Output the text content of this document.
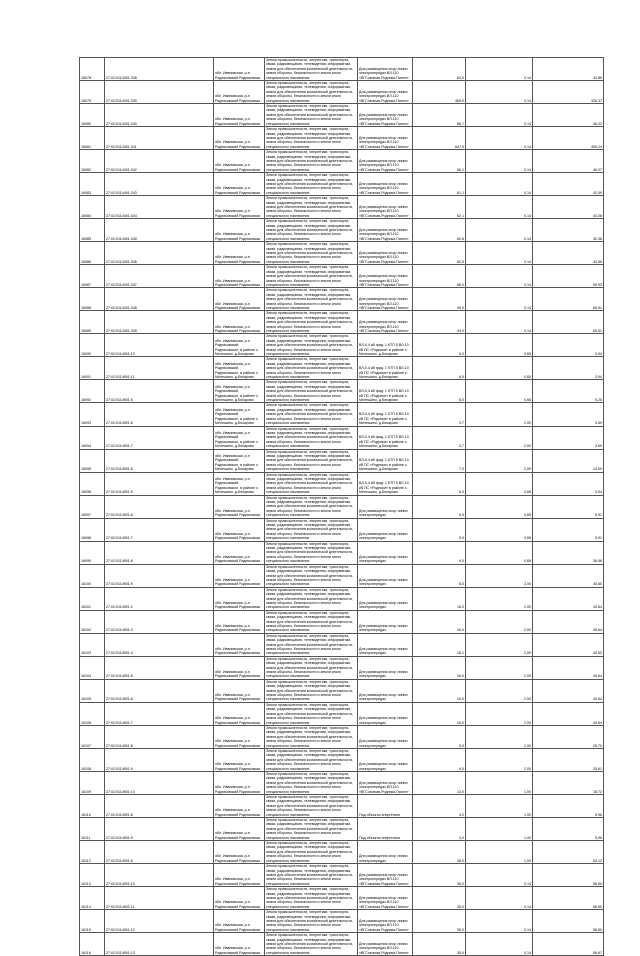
16078	27:02:0114401:338	обл. Ивановская, р-н Родниковский Родниковски	Земли промышленности, энергетики, транспорта, связи, радиовещания, телевидения, информатики, земли для обеспечения космической деятельности, земли обороны, безопасности и земли иного специального назначения	Для размещения опор линии электропередач ВЛ-110 «ВГСоюзная-Родники-Палех»	63,0	0,14	43,85
16079	27:02:0114401:339	обл. Ивановская, р-н Родниковский Родниковски	Земли промышленности, энергетики, транспорта, связи, радиовещания, телевидения, информатики, земли для обеспечения космической деятельности, земли обороны, безопасности и земли иного специального назначения	Для размещения опор линии электропередач ВЛ-110 «ВГСоюзная-Родники-Палех»	469,0	0,14	326,37
16080	27:02:0114401:340	обл. Ивановская, р-н Родниковский Родниковски	Земли промышленности, энергетики, транспорта, связи, радиовещания, телевидения, информатики, земли для обеспечения космической деятельности, земли обороны, безопасности и земли иного специального назначения	Для размещения опор линии электропередач ВЛ-110 «ВГСоюзная-Родники-Палех»	66,7	0,14	46,42
16081	27:02:0114401:341	обл. Ивановская, р-н Родниковский Родниковски	Земли промышленности, энергетики, транспорта, связи, радиовещания, телевидения, информатики, земли для обеспечения космической деятельности, земли обороны, безопасности и земли иного специального назначения	Для размещения опор линии электропередач ВЛ-110 «ВГСоюзная-Родники-Палех»	647,0	0,14	450,24
16082	27:02:0114401:342	обл. Ивановская, р-н Родниковский Родниковски	Земли промышленности, энергетики, транспорта, связи, радиовещания, телевидения, информатики, земли для обеспечения космической деятельности, земли обороны, безопасности и земли иного специального назначения	Для размещения опор линии электропередач ВЛ-110 «ВГСоюзная-Родники-Палех»	66,1	0,14	46,07
16083	27:02:0114401:343	обл. Ивановская, р-н Родниковский Родниковски	Земли промышленности, энергетики, транспорта, связи, радиовещания, телевидения, информатики, земли для обеспечения космической деятельности, земли обороны, безопасности и земли иного специального назначения	Для размещения опор линии электропередач ВЛ-110 «ВГСоюзная-Родники-Палех»	61,1	0,14	42,59
16084	27:02:0114401:344	обл. Ивановская, р-н Родниковский Родниковски	Земли промышленности, энергетики, транспорта, связи, радиовещания, телевидения, информатики, земли для обеспечения космической деятельности, земли обороны, безопасности и земли иного специального назначения	Для размещения опор линии электропередач ВЛ-110 «ВГСоюзная-Родники-Палех»	62,1	0,14	43,28
16085	27:02:0114401:345	обл. Ивановская, р-н Родниковский Родниковски	Земли промышленности, энергетики, транспорта, связи, радиовещания, телевидения, информатики, земли для обеспечения космической деятельности, земли обороны, безопасности и земли иного специального назначения	Для размещения опор линии электропередач ВЛ-110 «ВГСоюзная-Родники-Палех»	60,8	0,14	42,38
16086	27:02:0114401:346	обл. Ивановская, р-н Родниковский Родниковски	Земли промышленности, энергетики, транспорта, связи, радиовещания, телевидения, информатики, земли для обеспечения космической деятельности, земли обороны, безопасности и земли иного специального назначения	Для размещения опор линии электропередач ВЛ-110 «ВГСоюзная-Родники-Палех»	62,5	0,14	43,56
16087	27:02:0114401:347	обл. Ивановская, р-н Родниковский Родниковски	Земли промышленности, энергетики, транспорта, связи, радиовещания, телевидения, информатики, земли для обеспечения космической деятельности, земли обороны, безопасности и земли иного специального назначения	Для размещения опор линии электропередач ВЛ-110 «ВГСоюзная-Родники-Палех»	86,0	0,14	59,93
16088	27:02:0114401:348	обл. Ивановская, р-н Родниковский Родниковски	Земли промышленности, энергетики, транспорта, связи, радиовещания, телевидения, информатики, земли для обеспечения космической деятельности, земли обороны, безопасности и земли иного специального назначения	Для размещения опор линии электропередач ВЛ-110 «ВГСоюзная-Родники-Палех»	94,0	0,14	65,51
16089	27:02:0114401:349	обл. Ивановская, р-н Родниковский Родниковски	Земли промышленности, энергетики, транспорта, связи, радиовещания, телевидения, информатики, земли для обеспечения космической деятельности, земли обороны, безопасности и земли иного специального назначения	Для размещения опор линии электропередач ВЛ-110 «ВГСоюзная-Родники-Палех»	94,0	0,14	65,51
16090	27:02:0114901:10	обл. Ивановская, р-н Родниковский, Родниковское, в районе с. Мелешино, д.Бекарово	Земли промышленности, энергетики, транспорта, связи, радиовещания, телевидения, информатики, земли для обеспечения космической деятельности, земли обороны, безопасности и земли иного специального назначения	ВЛ-0,4 кВ фид. 1 КТП 5 ВЛ-10 кВ ПС «Родники» в районе с. Мелешино, д.Бекарово	6,0	0,65	3,94
16091	27:02:0114901:11	обл. Ивановская, р-н Родниковский, Родниковское, в районе с. Мелешино, д.Бекарово	Земли промышленности, энергетики, транспорта, связи, радиовещания, телевидения, информатики, земли для обеспечения космической деятельности, земли обороны, безопасности и земли иного специального назначения	ВЛ-0,4 кВ фид. 1 КТП 5 ВЛ-10 кВ ПС «Родники» в районе с. Мелешино, д.Бекарово	6,0	0,65	3,94
16092	27:02:0114901:5	обл. Ивановская, р-н Родниковский, Родниковское, в районе с. Мелешино, д.Бекарово	Земли промышленности, энергетики, транспорта, связи, радиовещания, телевидения, информатики, земли для обеспечения космической деятельности, земли обороны, безопасности и земли иного специального назначения	ВЛ-0,4 кВ фид. 1 КТП 5 ВЛ-10 кВ ПС «Родники» в районе с. Мелешино, д.Бекарово	8,0	0,65	5,25
16093	27:02:0114901:6	обл. Ивановская, р-н Родниковский, Родниковское, в районе с. Мелешино, д.Бекарово	Земли промышленности, энергетики, транспорта, связи, радиовещания, телевидения, информатики, земли для обеспечения космической деятельности, земли обороны, безопасности и земли иного специального назначения	ВЛ-0,4 кВ фид. 1 КТП 5 ВЛ-10 кВ ПС «Родники» в районе с. Мелешино, д.Бекарово	3,7	2,00	3,69
16094	27:02:0114901:7	обл. Ивановская, р-н Родниковский, Родниковское, в районе с. Мелешино, д.Бекарово	Земли промышленности, энергетики, транспорта, связи, радиовещания, телевидения, информатики, земли для обеспечения космической деятельности, земли обороны, безопасности и земли иного специального назначения	ВЛ-0,4 кВ фид. 1 КТП 5 ВЛ-10 кВ ПС «Родники» в районе с. Мелешино, д.Бекарово	3,7	2,00	3,69
16095	27:02:0114901:8	обл. Ивановская, р-н Родниковский, Родниковское, в районе с. Мелешино, д.Бекарово	Земли промышленности, энергетики, транспорта, связи, радиовещания, телевидения, информатики, земли для обеспечения космической деятельности, земли обороны, безопасности и земли иного специального назначения	ВЛ-0,4 кВ фид. 1 КТП 5 ВЛ-10 кВ ПС «Родники» в районе с. Мелешино, д.Бекарово	7,0	2,00	14,00
16096	27:02:0114901:9	обл. Ивановская, р-н Родниковский, Родниковское, в районе с. Мелешино, д.Бекарово	Земли промышленности, энергетики, транспорта, связи, радиовещания, телевидения, информатики, земли для обеспечения космической деятельности, земли обороны, безопасности и земли иного специального назначения	ВЛ-0,4 кВ фид. 1 КТП 5 ВЛ-10 кВ ПС «Родники» в районе с. Мелешино, д.Бекарово	6,0	0,65	3,94
16097	27:02:0114901:6	обл. Ивановская, р-н Родниковский Родниковски	Земли промышленности, энергетики, транспорта, связи, радиовещания, телевидения, информатики, земли для обеспечения космической деятельности, земли обороны, безопасности и земли иного специального назначения	Для размещения опор линии электропередач	9,0	0,65	5,91
16098	27:02:0114901:7	обл. Ивановская, р-н Родниковский Родниковски	Земли промышленности, энергетики, транспорта, связи, радиовещания, телевидения, информатики, земли для обеспечения космической деятельности, земли обороны, безопасности и земли иного специального назначения	Для размещения опор линии электропередач	9,0	0,65	5,91
16099	27:02:0114901:8	обл. Ивановская, р-н Родниковский Родниковски	Земли промышленности, энергетики, транспорта, связи, радиовещания, телевидения, информатики, земли для обеспечения космической деятельности, земли обороны, безопасности и земли иного специального назначения	Для размещения опор линии электропередач	9,0	0,65	36,56
16100	27:02:0114901:9	обл. Ивановская, р-н Родниковский Родниковски	Земли промышленности, энергетики, транспорта, связи, радиовещания, телевидения, информатики, земли для обеспечения космической деятельности, земли обороны, безопасности и земли иного специального назначения	Для размещения опор линии электропередач	8,0	2,00	35,60
16101	27:02:0114901:2	обл. Ивановская, р-н Родниковский Родниковски	Земли промышленности, энергетики, транспорта, связи, радиовещания, телевидения, информатики, земли для обеспечения космической деятельности, земли обороны, безопасности и земли иного специального назначения	Для размещения опор линии электропередач	16,0	2,00	43,64
16102	27:02:0114901:3	обл. Ивановская, р-н Родниковский Родниковски	Земли промышленности, энергетики, транспорта, связи, радиовещания, телевидения, информатики, земли для обеспечения космической деятельности, земли обороны, безопасности и земли иного специального назначения	Для размещения опор линии электропередач	16,0	2,00	45,64
16103	27:02:0114901:4	обл. Ивановская, р-н Родниковский Родниковски	Земли промышленности, энергетики, транспорта, связи, радиовещания, телевидения, информатики, земли для обеспечения космической деятельности, земли обороны, безопасности и земли иного специального назначения	Для размещения опор линии электропередач	16,1	2,00	40,63
16104	27:02:0114901:5	обл. Ивановская, р-н Родниковский Родниковски	Земли промышленности, энергетики, транспорта, связи, радиовещания, телевидения, информатики, земли для обеспечения космической деятельности, земли обороны, безопасности и земли иного специального назначения	Для размещения опор линии электропередач	16,0	2,00	40,64
16105	27:02:0114901:6	обл. Ивановская, р-н Родниковский Родниковски	Земли промышленности, энергетики, транспорта, связи, радиовещания, телевидения, информатики, земли для обеспечения космической деятельности, земли обороны, безопасности и земли иного специального назначения	Для размещения опор линии электропередач	16,0	2,00	40,64
16106	27:02:0114901:7	обл. Ивановская, р-н Родниковский Родниковски	Земли промышленности, энергетики, транспорта, связи, радиовещания, телевидения, информатики, земли для обеспечения космической деятельности, земли обороны, безопасности и земли иного специального назначения	Для размещения опор линии электропередач	16,0	2,00	40,64
16107	27:02:0114901:8	обл. Ивановская, р-н Родниковский Родниковски	Земли промышленности, энергетики, транспорта, связи, радиовещания, телевидения, информатики, земли для обеспечения космической деятельности, земли обороны, безопасности и земли иного специального назначения	Для размещения опор линии электропередач	9,0	2,00	25,70
16108	27:02:0114901:9	обл. Ивановская, р-н Родниковский Родниковски	Земли промышленности, энергетики, транспорта, связи, радиовещания, телевидения, информатики, земли для обеспечения космической деятельности, земли обороны, безопасности и земли иного специального назначения	Для размещения опор линии электропередач	9,0	2,00	25,61
16109	27:02:0114901:10	обл. Ивановская, р-н Родниковский Родниковски	Земли промышленности, энергетики, транспорта, связи, радиовещания, телевидения, информатики, земли для обеспечения космической деятельности, земли обороны, безопасности и земли иного специального назначения	Для размещения опор линии электропередач ВЛ-110 «ВГСоюзная-Родники-Палех»	13,0	1,00	18,72
16110	27:02:0114901:8	обл. Ивановская, р-н Родниковский Родниковски	Земли промышленности, энергетики, транспорта, связи, радиовещания, телевидения, информатики, земли для обеспечения космической деятельности, земли обороны, безопасности и земли иного специального назначения	Под объекты энергетики	4,0	1,00	5,96
16111	27:02:0114901:9	обл. Ивановская, р-н Родниковский Родниковски	Земли промышленности, энергетики, транспорта, связи, радиовещания, телевидения, информатики, земли для обеспечения космической деятельности, земли обороны, безопасности и земли иного специального назначения	Под объекты энергетики	4,0	1,00	5,96
16112	27:02:0114901:6	обл. Ивановская, р-н Родниковский Родниковски	Земли промышленности, энергетики, транспорта, связи, радиовещания, телевидения, информатики, земли для обеспечения космической деятельности, земли обороны, безопасности и земли иного специального назначения	Для размещения опор линии электропередач	36,0	1,00	63,12
16113	27:02:0114901:10	обл. Ивановская, р-н Родниковский Родниковски	Земли промышленности, энергетики, транспорта, связи, радиовещания, телевидения, информатики, земли для обеспечения космической деятельности, земли обороны, безопасности и земли иного специального назначения	Для размещения опор линии электропередач ВЛ-110 «ВГСоюзная-Родники-Палех»	35,0	0,14	58,60
16114	27:02:0114901:11	обл. Ивановская, р-н Родниковский Родниковски	Земли промышленности, энергетики, транспорта, связи, радиовещания, телевидения, информатики, земли для обеспечения космической деятельности, земли обороны, безопасности и земли иного специального назначения	Для размещения опор линии электропередач ВЛ-110 «ВГСоюзная-Родники-Палех»	35,0	0,14	58,60
16115	27:02:0114901:12	обл. Ивановская, р-н Родниковский Родниковски	Земли промышленности, энергетики, транспорта, связи, радиовещания, телевидения, информатики, земли для обеспечения космической деятельности, земли обороны, безопасности и земли иного специального назначения	Для размещения опор линии электропередач ВЛ-110 «ВГСоюзная-Родники-Палех»	35,0	0,14	58,60
16116	27:02:0114901:13	обл. Ивановская, р-н Родниковский Родниковски	Земли промышленности, энергетики, транспорта, связи, радиовещания, телевидения, информатики, земли для обеспечения космической деятельности, земли обороны, безопасности и земли иного специального назначения	Для размещения опор линии электропередач ВЛ-110 «ВГСоюзная-Родники-Палех»	35,0	0,14	58,67
